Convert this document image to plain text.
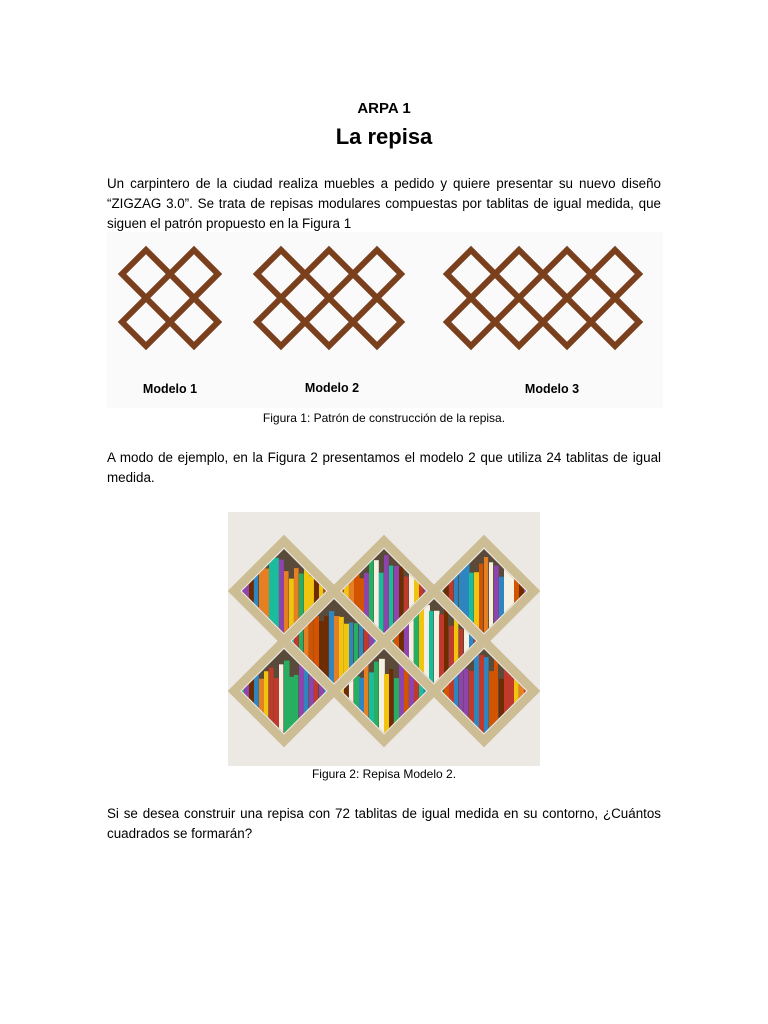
ARPA 1
La repisa
Un carpintero de la ciudad realiza muebles a pedido y quiere presentar su nuevo diseño “ZIGZAG 3.0”. Se trata de repisas modulares compuestas por tablitas de igual medida, que siguen el patrón propuesto en la Figura 1
Modelo 1	Modelo 2	Modelo 3
Figura 1: Patrón de construcción de la repisa.
A modo de ejemplo, en la Figura 2 presentamos el modelo 2 que utiliza 24 tablitas de igual medida.
Figura 2: Repisa Modelo 2.
Si se desea construir una repisa con 72 tablitas de igual medida en su contorno, ¿Cuántos cuadrados se formarán?
